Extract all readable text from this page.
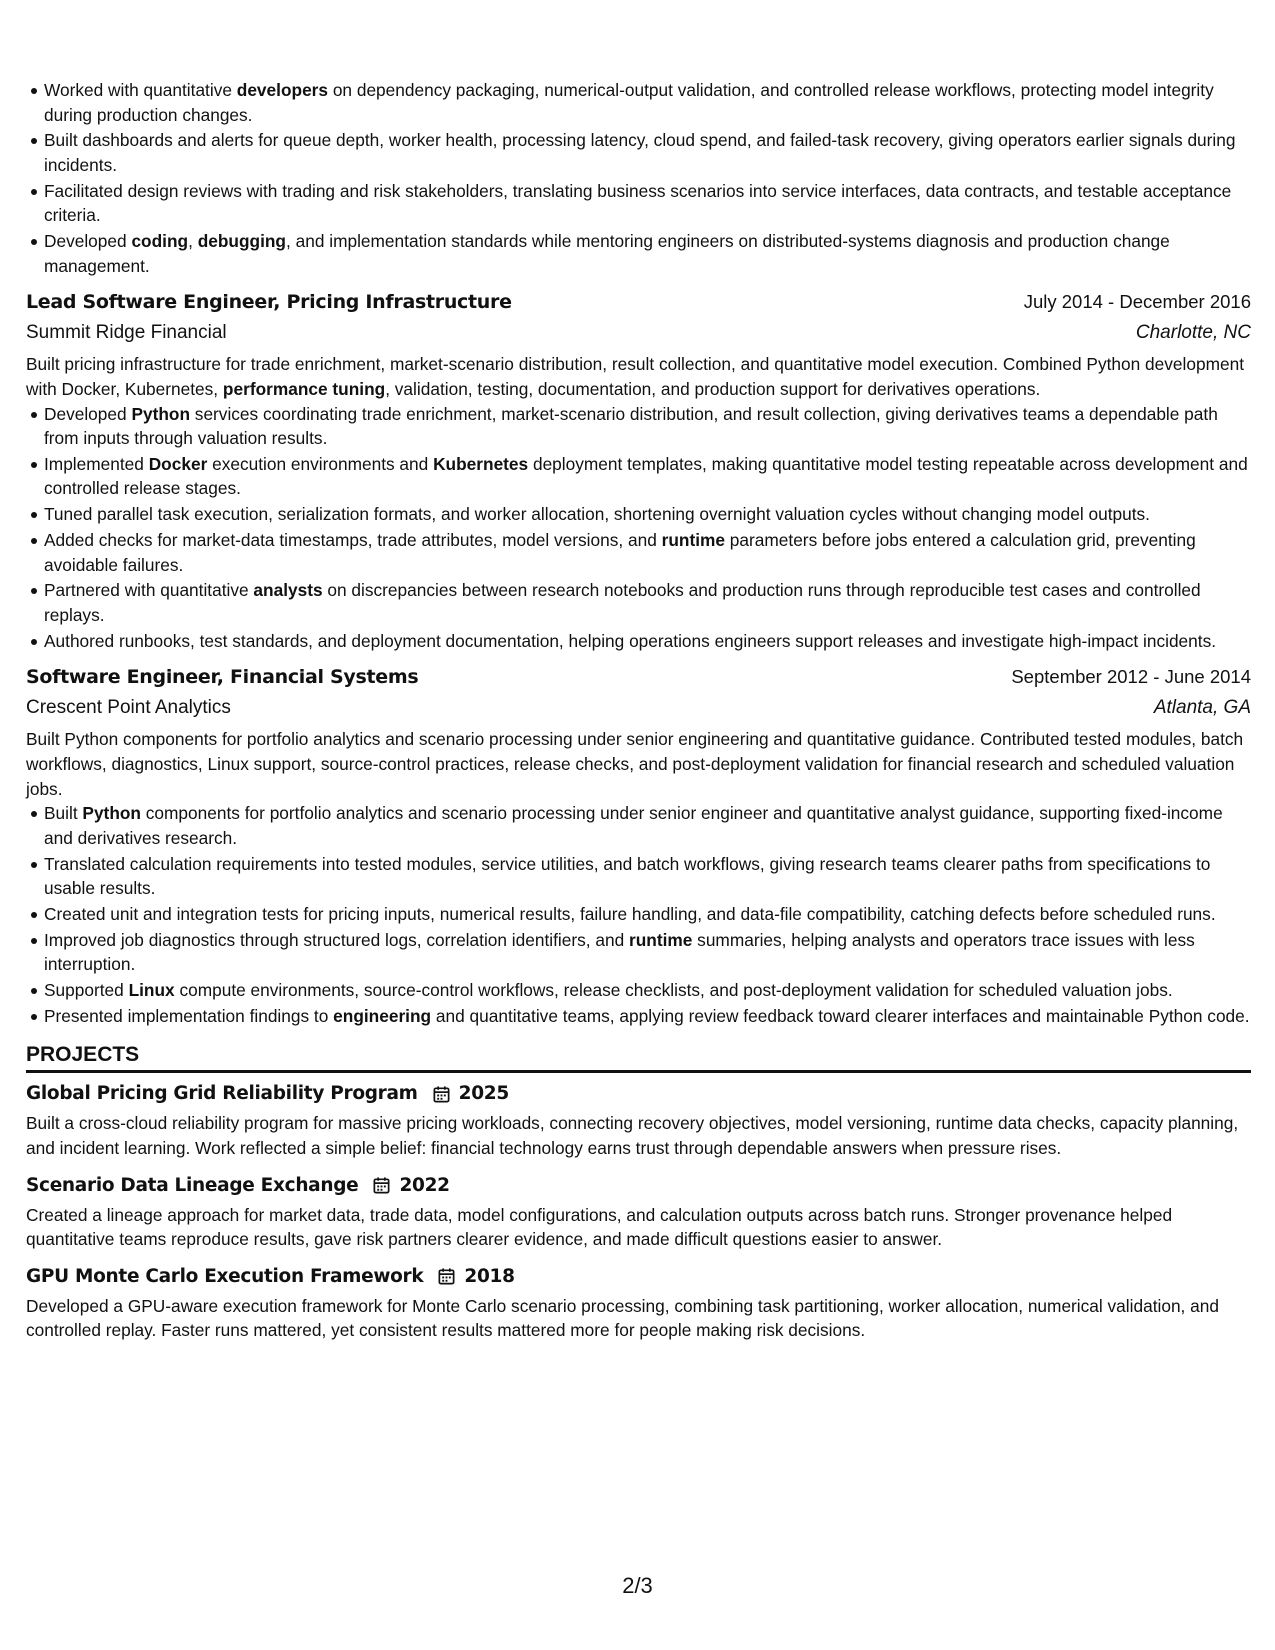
Worked with quantitative developers on dependency packaging, numerical-output validation, and controlled release workflows, protecting model integrity during production changes.
Built dashboards and alerts for queue depth, worker health, processing latency, cloud spend, and failed-task recovery, giving operators earlier signals during incidents.
Facilitated design reviews with trading and risk stakeholders, translating business scenarios into service interfaces, data contracts, and testable acceptance criteria.
Developed coding, debugging, and implementation standards while mentoring engineers on distributed-systems diagnosis and production change management.
Lead Software Engineer, Pricing Infrastructure	July 2014 - December 2016
Summit Ridge Financial	Charlotte, NC

Built pricing infrastructure for trade enrichment, market-scenario distribution, result collection, and quantitative model execution. Combined Python development with Docker, Kubernetes, performance tuning, validation, testing, documentation, and production support for derivatives operations.

Developed Python services coordinating trade enrichment, market-scenario distribution, and result collection, giving derivatives teams a dependable path from inputs through valuation results.
Implemented Docker execution environments and Kubernetes deployment templates, making quantitative model testing repeatable across development and controlled release stages.
Tuned parallel task execution, serialization formats, and worker allocation, shortening overnight valuation cycles without changing model outputs.
Added checks for market-data timestamps, trade attributes, model versions, and runtime parameters before jobs entered a calculation grid, preventing avoidable failures.
Partnered with quantitative analysts on discrepancies between research notebooks and production runs through reproducible test cases and controlled replays.
Authored runbooks, test standards, and deployment documentation, helping operations engineers support releases and investigate high-impact incidents.
Software Engineer, Financial Systems	September 2012 - June 2014
Crescent Point Analytics	Atlanta, GA

Built Python components for portfolio analytics and scenario processing under senior engineering and quantitative guidance. Contributed tested modules, batch workflows, diagnostics, Linux support, source-control practices, release checks, and post-deployment validation for financial research and scheduled valuation jobs.

Built Python components for portfolio analytics and scenario processing under senior engineer and quantitative analyst guidance, supporting fixed-income and derivatives research.
Translated calculation requirements into tested modules, service utilities, and batch workflows, giving research teams clearer paths from specifications to usable results.
Created unit and integration tests for pricing inputs, numerical results, failure handling, and data-file compatibility, catching defects before scheduled runs.
Improved job diagnostics through structured logs, correlation identifiers, and runtime summaries, helping analysts and operators trace issues with less interruption.
Supported Linux compute environments, source-control workflows, release checklists, and post-deployment validation for scheduled valuation jobs.
Presented implementation findings to engineering and quantitative teams, applying review feedback toward clearer interfaces and maintainable Python code.
PROJECTS
Global Pricing Grid Reliability Program 2025

Built a cross-cloud reliability program for massive pricing workloads, connecting recovery objectives, model versioning, runtime data checks, capacity planning, and incident learning. Work reflected a simple belief: financial technology earns trust through dependable answers when pressure rises.

Scenario Data Lineage Exchange 2022

Created a lineage approach for market data, trade data, model configurations, and calculation outputs across batch runs. Stronger provenance helped quantitative teams reproduce results, gave risk partners clearer evidence, and made difficult questions easier to answer.

GPU Monte Carlo Execution Framework 2018

Developed a GPU-aware execution framework for Monte Carlo scenario processing, combining task partitioning, worker allocation, numerical validation, and controlled replay. Faster runs mattered, yet consistent results mattered more for people making risk decisions.

2/3
